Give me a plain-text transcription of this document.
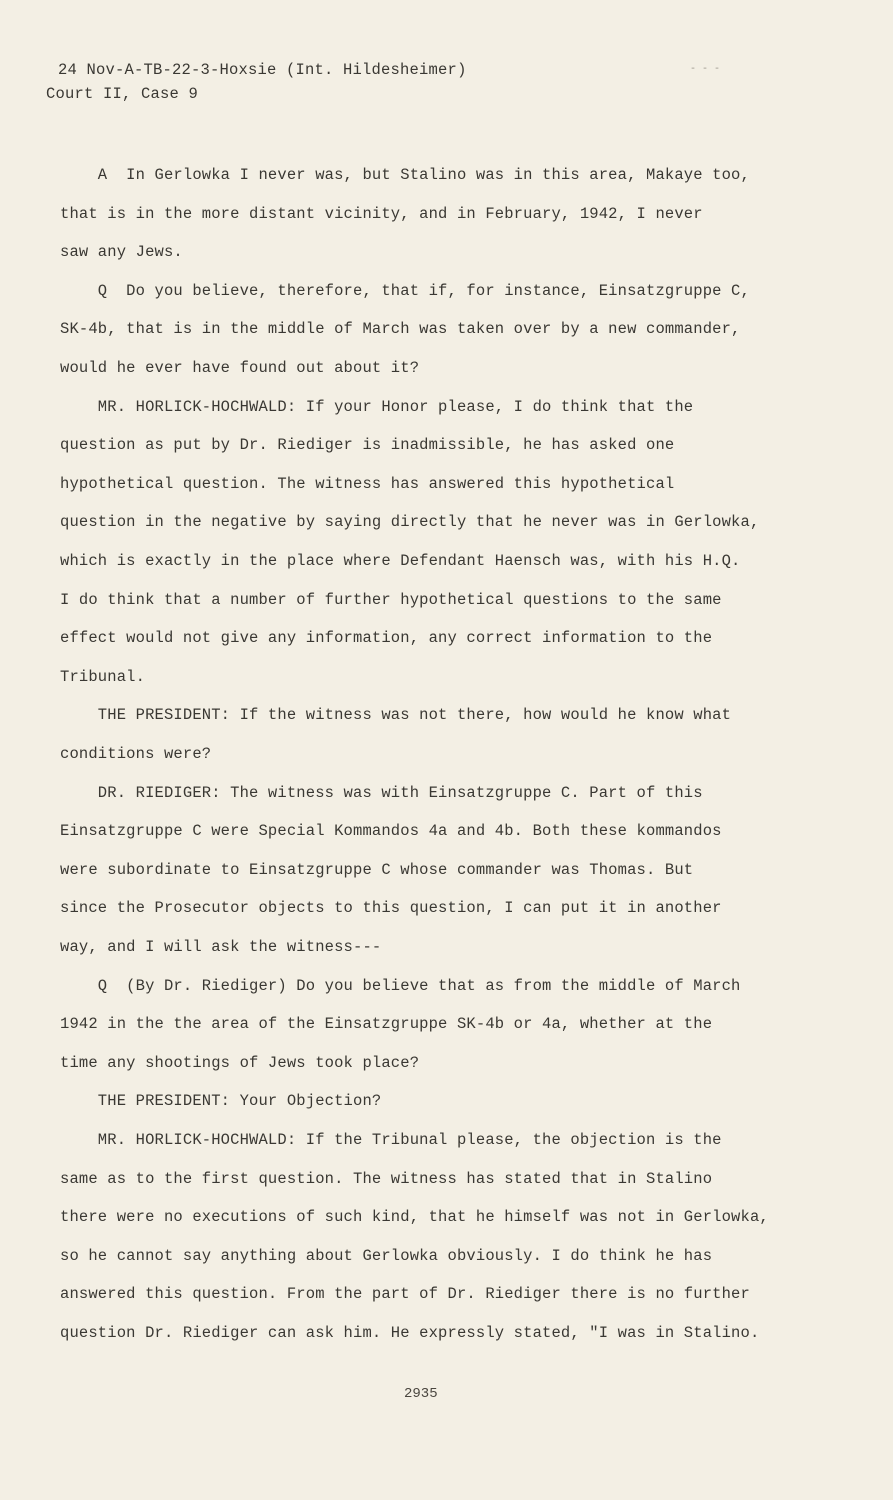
24 Nov-A-TB-22-3-Hoxsie (Int. Hildesheimer)
Court II, Case 9
- - -
A  In Gerlowka I never was, but Stalino was in this area, Makaye too,
that is in the more distant vicinity, and in February, 1942, I never
saw any Jews.
Q  Do you believe, therefore, that if, for instance, Einsatzgruppe C,
SK-4b, that is in the middle of March was taken over by a new commander,
would he ever have found out about it?
MR. HORLICK-HOCHWALD: If your Honor please, I do think that the
question as put by Dr. Riediger is inadmissible, he has asked one
hypothetical question. The witness has answered this hypothetical
question in the negative by saying directly that he never was in Gerlowka,
which is exactly in the place where Defendant Haensch was, with his H.Q.
I do think that a number of further hypothetical questions to the same
effect would not give any information, any correct information to the
Tribunal.
THE PRESIDENT: If the witness was not there, how would he know what
conditions were?
DR. RIEDIGER: The witness was with Einsatzgruppe C. Part of this
Einsatzgruppe C were Special Kommandos 4a and 4b. Both these kommandos
were subordinate to Einsatzgruppe C whose commander was Thomas. But
since the Prosecutor objects to this question, I can put it in another
way, and I will ask the witness---
Q  (By Dr. Riediger) Do you believe that as from the middle of March
1942 in the the area of the Einsatzgruppe SK-4b or 4a, whether at the
time any shootings of Jews took place?
THE PRESIDENT: Your Objection?
MR. HORLICK-HOCHWALD: If the Tribunal please, the objection is the
same as to the first question. The witness has stated that in Stalino
there were no executions of such kind, that he himself was not in Gerlowka,
so he cannot say anything about Gerlowka obviously. I do think he has
answered this question. From the part of Dr. Riediger there is no further
question Dr. Riediger can ask him. He expressly stated, "I was in Stalino.
2935
